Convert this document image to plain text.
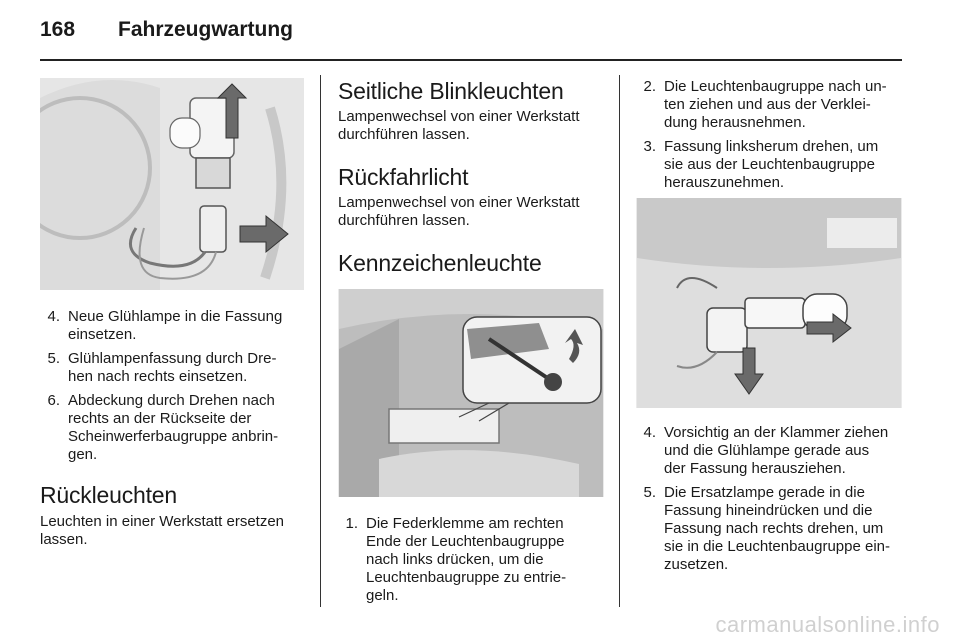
168 Fahrzeugwartung
4. Neue Glühlampe in die Fassung
einsetzen.
5. Glühlampenfassung durch Dre-
hen nach rechts einsetzen.
6. Abdeckung durch Drehen nach
rechts an der Rückseite der
Scheinwerferbaugruppe anbrin-
gen.
Rückleuchten
Leuchten in einer Werkstatt ersetzen
lassen.
Seitliche Blinkleuchten
Lampenwechsel von einer Werkstatt
durchführen lassen.
Rückfahrlicht
Lampenwechsel von einer Werkstatt
durchführen lassen.
Kennzeichenleuchte
1. Die Federklemme am rechten
Ende der Leuchtenbaugruppe
nach links drücken, um die
Leuchtenbaugruppe zu entrie-
geln.
2. Die Leuchtenbaugruppe nach un-
ten ziehen und aus der Verklei-
dung herausnehmen.
3. Fassung linksherum drehen, um
sie aus der Leuchtenbaugruppe
herauszunehmen.
4. Vorsichtig an der Klammer ziehen
und die Glühlampe gerade aus
der Fassung herausziehen.
5. Die Ersatzlampe gerade in die
Fassung hineindrücken und die
Fassung nach rechts drehen, um
sie in die Leuchtenbaugruppe ein-
zusetzen.
carmanualsonline.info
